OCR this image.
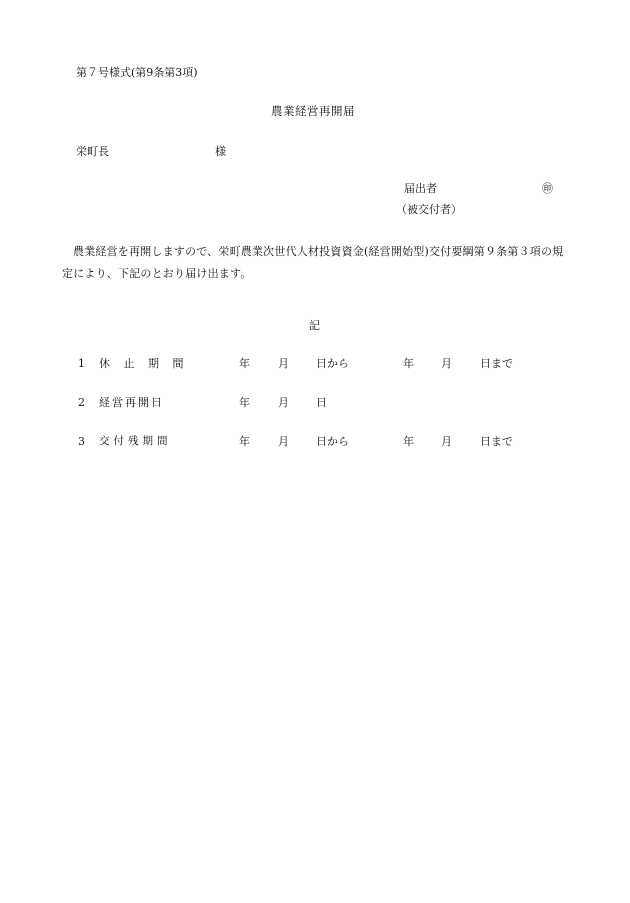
第７号様式(第9条第3項)
農業経営再開届
栄町長	様
届出者	㊞
（被交付者）
農業経営を再開しますので、栄町農業次世代人材投資資金(経営開始型)交付要綱第９条第３項の規定により、下記のとおり届け出ます。
記
1 休 止 期 間	年	月 日から	年 月	日まで
2 経営再開日	年	月 日
3 交付残期間	年	月 日から	年 月	日まで
